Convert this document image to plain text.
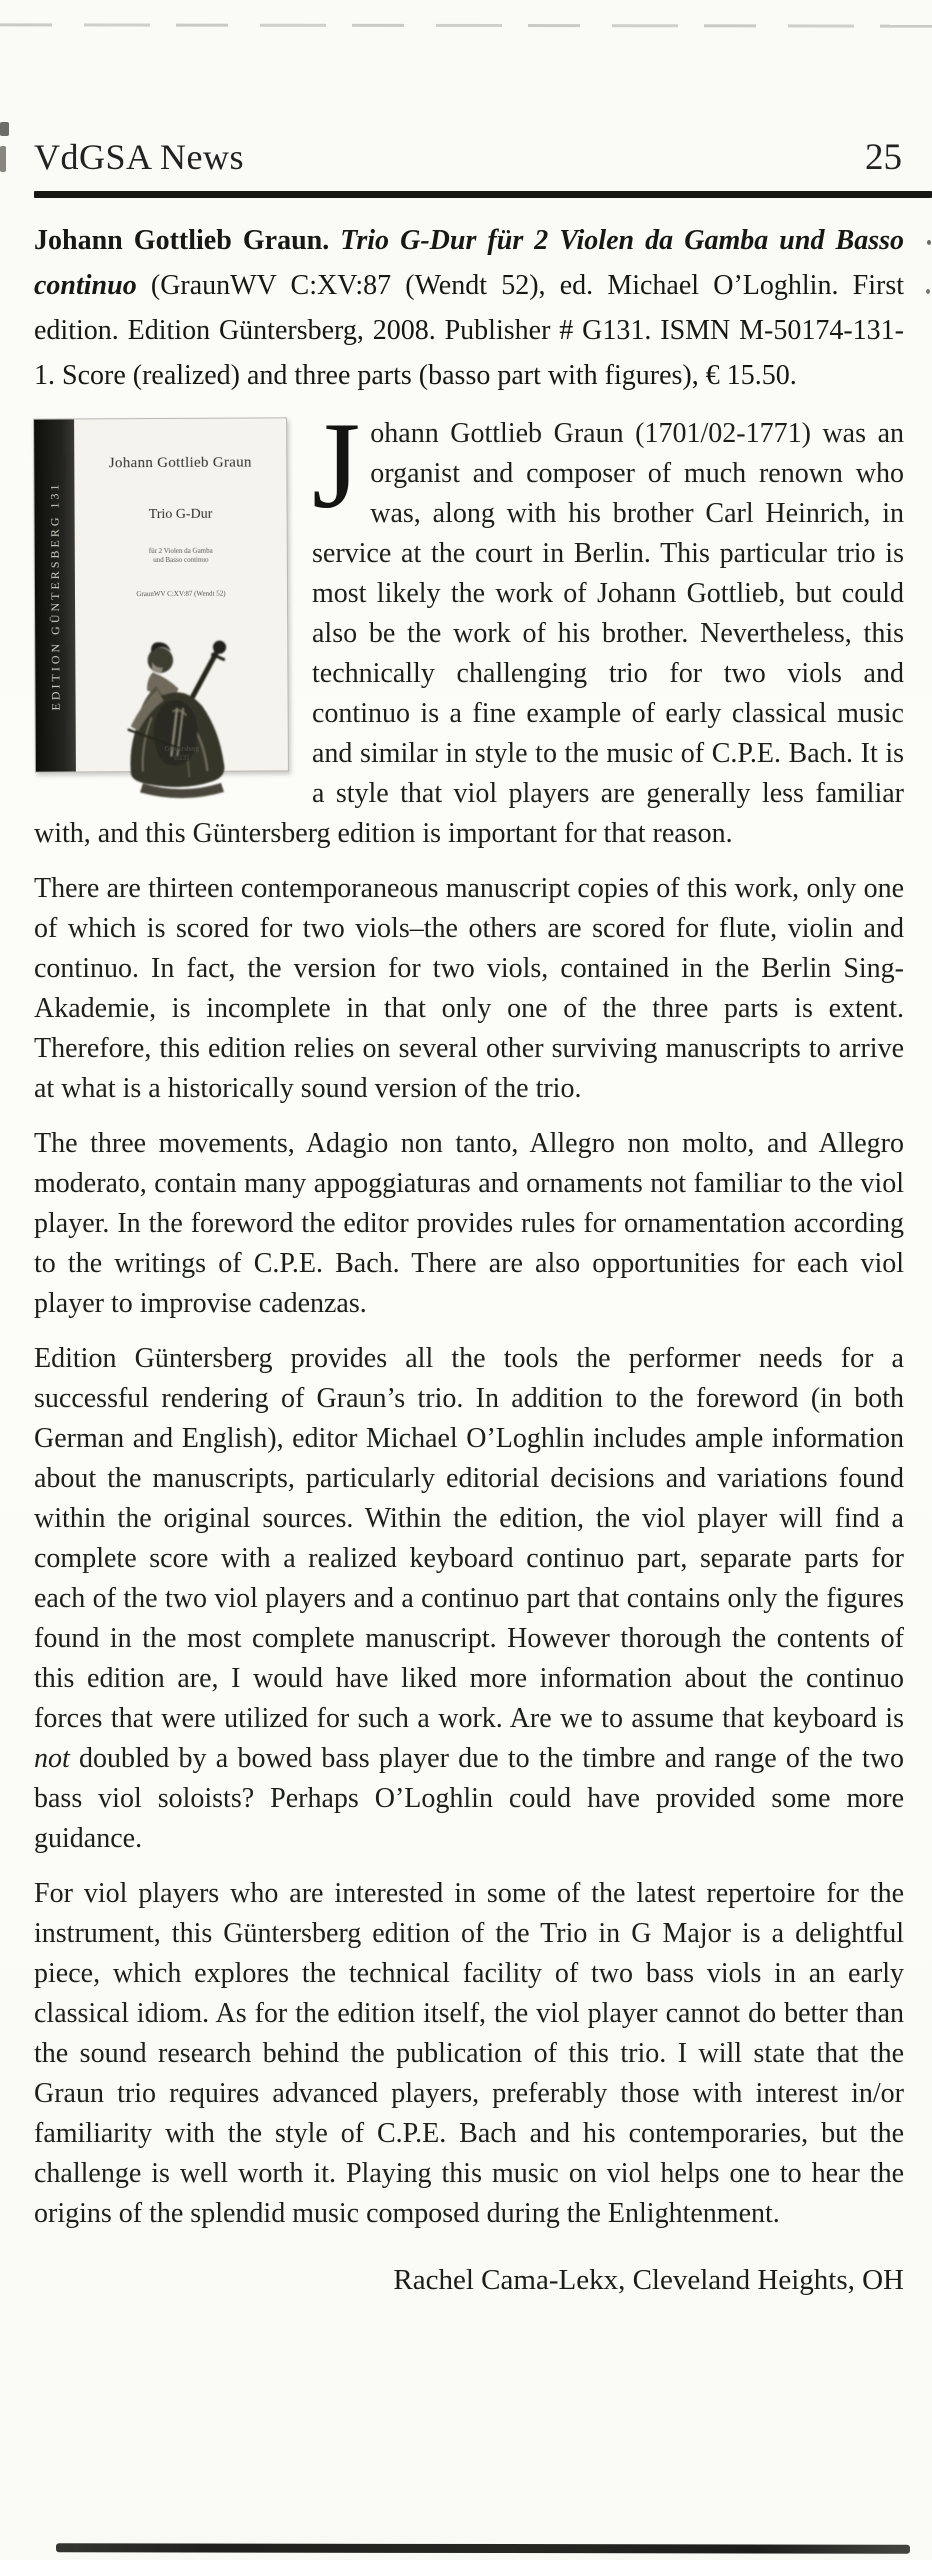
VdGSA News	25
Johann Gottlieb Graun. Trio G-Dur für 2 Violen da Gamba und Basso continuo (GraunWV C:XV:87 (Wendt 52), ed. Michael O’Loghlin. First edition. Edition Güntersberg, 2008. Publisher # G131. ISMN M-50174-131-1. Score (realized) and three parts (basso part with figures), € 15.50.
EDITION GÜNTERSBERG 131
Johann Gottlieb Graun
Trio G-Dur
für 2 Violen da Gamba
und Basso continuo
GraunWV C:XV:87 (Wendt 52)
Güntersberg
G131

Johann Gottlieb Graun (1701/02-1771) was an organist and composer of much renown who was, along with his brother Carl Heinrich, in service at the court in Berlin. This particular trio is most likely the work of Johann Gottlieb, but could also be the work of his brother. Nevertheless, this technically challenging trio for two viols and continuo is a fine example of early classical music and similar in style to the music of C.P.E. Bach. It is a style that viol players are generally less familiar with, and this Güntersberg edition is important for that reason.

There are thirteen contemporaneous manuscript copies of this work, only one of which is scored for two viols–the others are scored for flute, violin and continuo. In fact, the version for two viols, contained in the Berlin Sing-Akademie, is incomplete in that only one of the three parts is extent. Therefore, this edition relies on several other surviving manuscripts to arrive at what is a historically sound version of the trio.

The three movements, Adagio non tanto, Allegro non molto, and Allegro moderato, contain many appoggiaturas and ornaments not familiar to the viol player. In the foreword the editor provides rules for ornamentation according to the writings of C.P.E. Bach. There are also opportunities for each viol player to improvise cadenzas.

Edition Güntersberg provides all the tools the performer needs for a successful rendering of Graun’s trio. In addition to the foreword (in both German and English), editor Michael O’Loghlin includes ample information about the manuscripts, particularly editorial decisions and variations found within the original sources. Within the edition, the viol player will find a complete score with a realized keyboard continuo part, separate parts for each of the two viol players and a continuo part that contains only the figures found in the most complete manuscript. However thorough the contents of this edition are, I would have liked more information about the continuo forces that were utilized for such a work. Are we to assume that keyboard is not doubled by a bowed bass player due to the timbre and range of the two bass viol soloists? Perhaps O’Loghlin could have provided some more guidance.

For viol players who are interested in some of the latest repertoire for the instrument, this Güntersberg edition of the Trio in G Major is a delightful piece, which explores the technical facility of two bass viols in an early classical idiom. As for the edition itself, the viol player cannot do better than the sound research behind the publication of this trio. I will state that the Graun trio requires advanced players, preferably those with interest in/or familiarity with the style of C.P.E. Bach and his contemporaries, but the challenge is well worth it. Playing this music on viol helps one to hear the origins of the splendid music composed during the Enlightenment.

Rachel Cama-Lekx, Cleveland Heights, OH
